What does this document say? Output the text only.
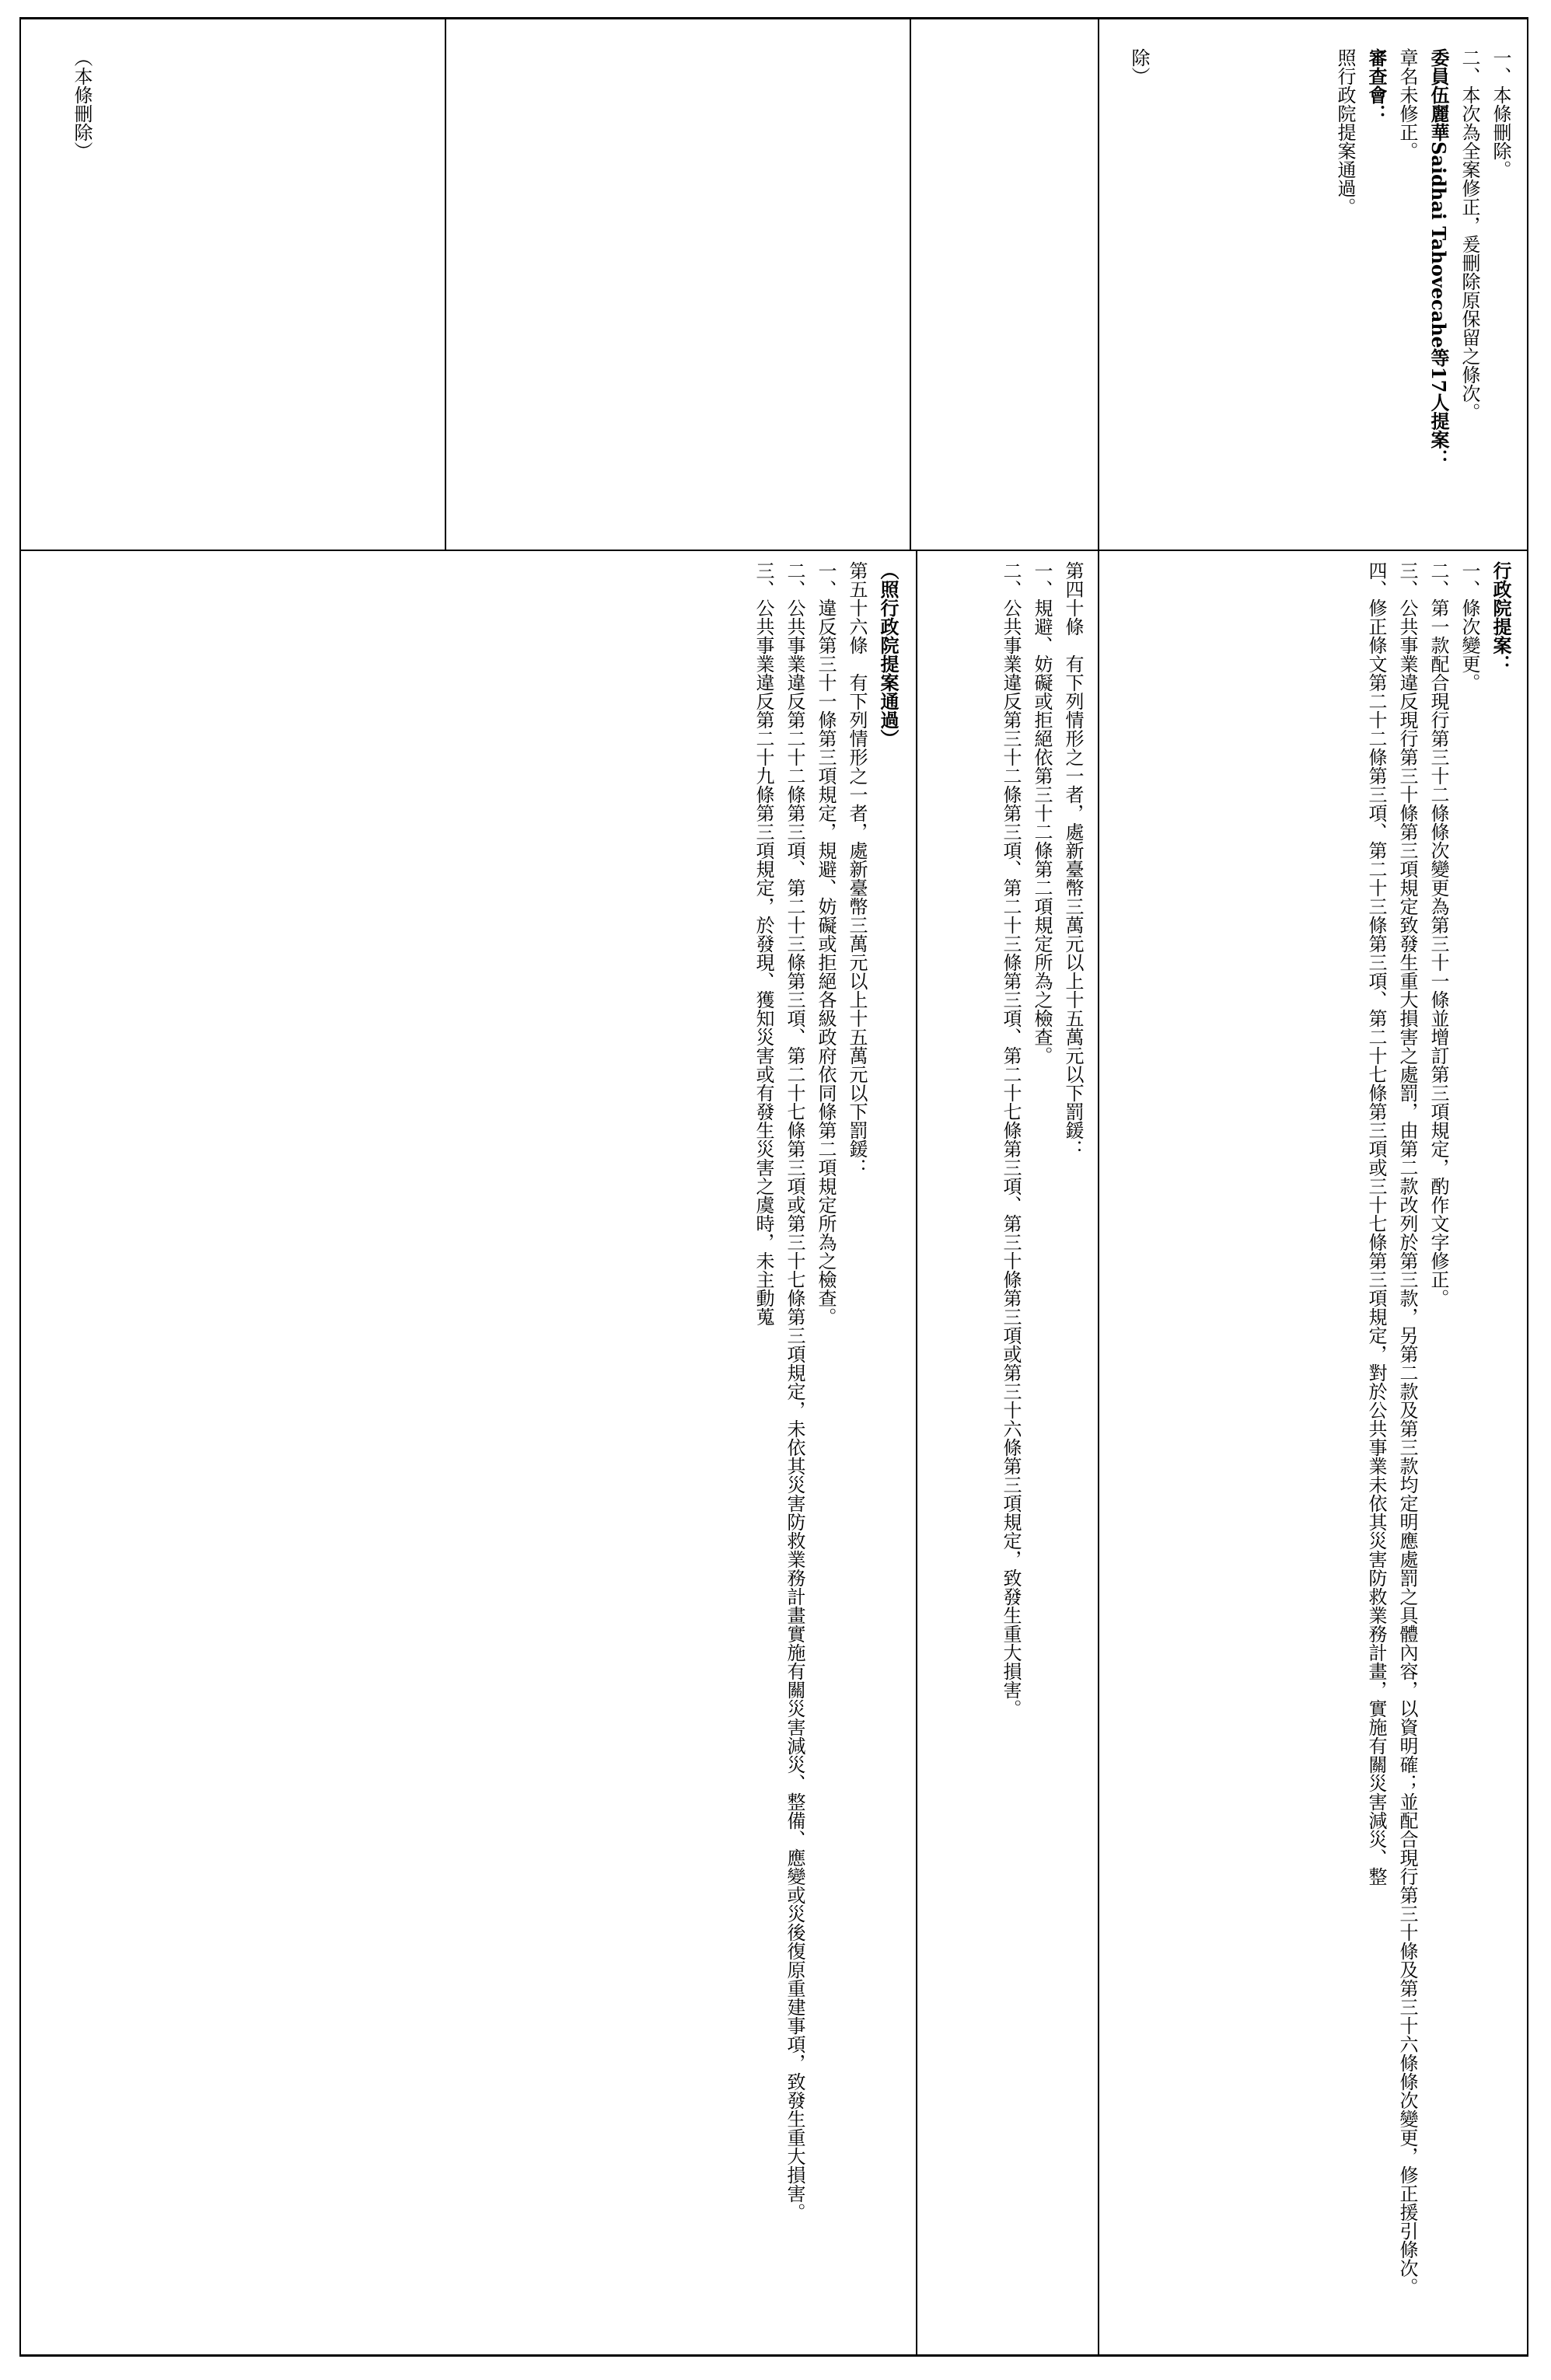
（本條刪除）

（照行政院提案通過）

第五十六條　有下列情形之一者，處新臺幣三萬元以上十五萬元以下罰鍰：

一、違反第三十一條第三項規定，規避、妨礙或拒絕各級政府依同條第二項規定所為之檢查。

二、公共事業違反第二十二條第三項、第二十三條第三項、第二十七條第三項或第三十七條第三項規定，未依其災害防救業務計畫實施有關災害減災、整備、應變或災後復原重建事項，致發生重大損害。

三、公共事業違反第二十九條第三項規定，於發現、獲知災害或有發生災害之虞時，未主動蒐

除）

第四十條　有下列情形之一者，處新臺幣三萬元以上十五萬元以下罰鍰：

一、規避、妨礙或拒絕依第三十二條第二項規定所為之檢查。

二、公共事業違反第三十二條第三項、第二十三條第三項、第二十七條第三項、第三十條第三項或第三十六條第三項規定，致發生重大損害。

一、本條刪除。

二、本次為全案修正，爰刪除原保留之條次。

委員伍麗華Saidhai Tahovecahe等17人提案：

章名未修正。

審查會：

照行政院提案通過。

行政院提案：

一、條次變更。

二、第一款配合現行第三十二條條次變更為第三十一條並增訂第三項規定，酌作文字修正。

三、公共事業違反現行第三十條第三項規定致發生重大損害之處罰，由第二款改列於第三款，另第二款及第三款均定明應處罰之具體內容，以資明確；並配合現行第三十條及第三十六條條次變更，修正援引條次。

四、修正條文第二十二條第三項、第二十三條第三項、第二十七條第三項或三十七條第三項規定，對於公共事業未依其災害防救業務計畫，實施有關災害減災、整
